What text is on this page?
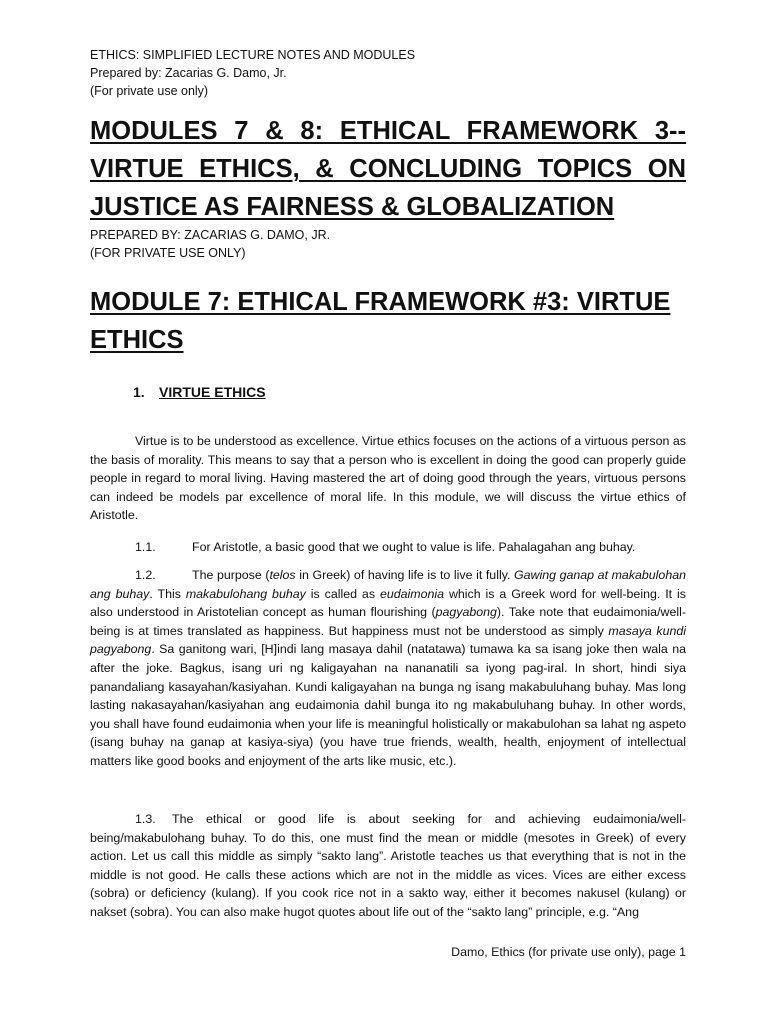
ETHICS: SIMPLIFIED LECTURE NOTES AND MODULES
Prepared by: Zacarias G. Damo, Jr.
(For private use only)
MODULES 7 & 8: ETHICAL FRAMEWORK 3--VIRTUE ETHICS, & CONCLUDING TOPICS ON JUSTICE AS FAIRNESS & GLOBALIZATION
PREPARED BY: ZACARIAS G. DAMO, JR.
(FOR PRIVATE USE ONLY)
MODULE 7: ETHICAL FRAMEWORK #3: VIRTUE ETHICS
1. VIRTUE ETHICS

Virtue is to be understood as excellence. Virtue ethics focuses on the actions of a virtuous person as the basis of morality. This means to say that a person who is excellent in doing the good can properly guide people in regard to moral living. Having mastered the art of doing good through the years, virtuous persons can indeed be models par excellence of moral life. In this module, we will discuss the virtue ethics of Aristotle.

1.1.	For Aristotle, a basic good that we ought to value is life. Pahalagahan ang buhay.

1.2.	The purpose (telos in Greek) of having life is to live it fully. Gawing ganap at makabulohan ang buhay. This makabulohang buhay is called as eudaimonia which is a Greek word for well-being. It is also understood in Aristotelian concept as human flourishing (pagyabong). Take note that eudaimonia/well-being is at times translated as happiness. But happiness must not be understood as simply masaya kundi pagyabong. Sa ganitong wari, [H]indi lang masaya dahil (natatawa) tumawa ka sa isang joke then wala na after the joke. Bagkus, isang uri ng kaligayahan na nananatili sa iyong pag-iral. In short, hindi siya panandaliang kasayahan/kasiyahan. Kundi kaligayahan na bunga ng isang makabuluhang buhay. Mas long lasting nakasayahan/kasiyahan ang eudaimonia dahil bunga ito ng makabuluhang buhay. In other words, you shall have found eudaimonia when your life is meaningful holistically or makabulohan sa lahat ng aspeto (isang buhay na ganap at kasiya-siya) (you have true friends, wealth, health, enjoyment of intellectual matters like good books and enjoyment of the arts like music, etc.).

1.3. The ethical or good life is about seeking for and achieving eudaimonia/well-being/makabulohang buhay. To do this, one must find the mean or middle (mesotes in Greek) of every action. Let us call this middle as simply “sakto lang”. Aristotle teaches us that everything that is not in the middle is not good. He calls these actions which are not in the middle as vices. Vices are either excess (sobra) or deficiency (kulang). If you cook rice not in a sakto way, either it becomes nakusel (kulang) or nakset (sobra). You can also make hugot quotes about life out of the “sakto lang” principle, e.g. “Ang

Damo, Ethics (for private use only), page 1
